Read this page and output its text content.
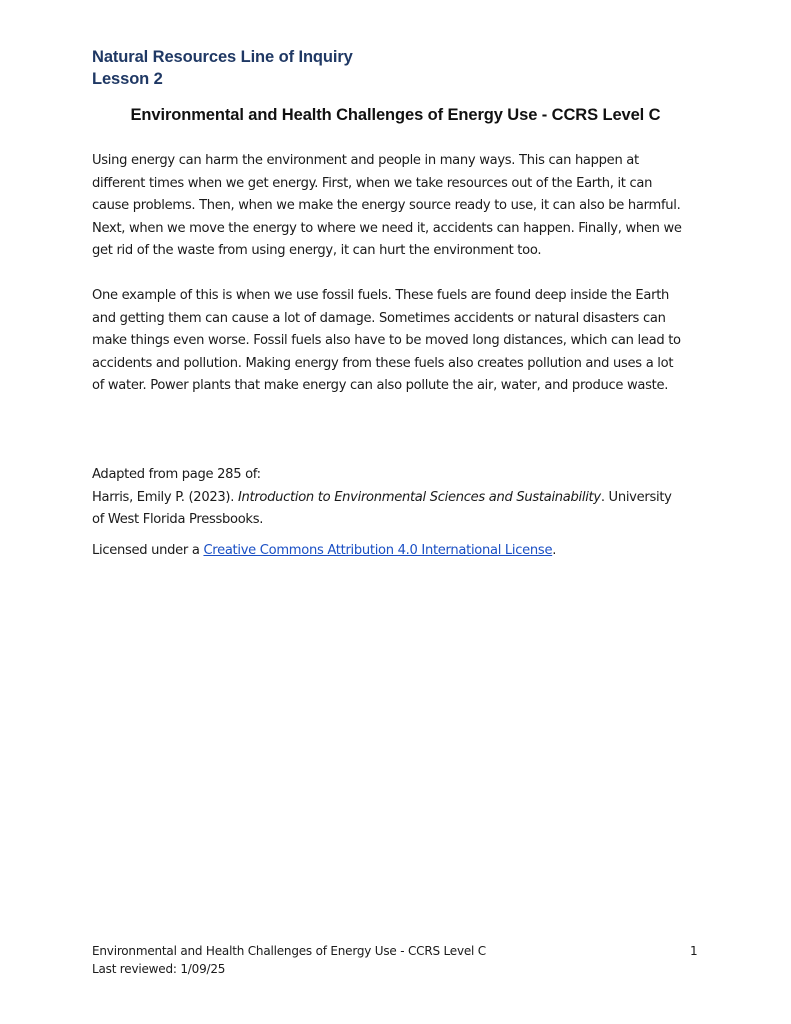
Natural Resources Line of Inquiry
Lesson 2
Environmental and Health Challenges of Energy Use - CCRS Level C

Using energy can harm the environment and people in many ways. This can happen at
different times when we get energy. First, when we take resources out of the Earth, it can
cause problems. Then, when we make the energy source ready to use, it can also be harmful.
Next, when we move the energy to where we need it, accidents can happen. Finally, when we
get rid of the waste from using energy, it can hurt the environment too.

One example of this is when we use fossil fuels. These fuels are found deep inside the Earth
and getting them can cause a lot of damage. Sometimes accidents or natural disasters can
make things even worse. Fossil fuels also have to be moved long distances, which can lead to
accidents and pollution. Making energy from these fuels also creates pollution and uses a lot
of water. Power plants that make energy can also pollute the air, water, and produce waste.

Adapted from page 285 of:
Harris, Emily P. (2023). Introduction to Environmental Sciences and Sustainability. University
of West Florida Pressbooks.

Licensed under a Creative Commons Attribution 4.0 International License.

Environmental and Health Challenges of Energy Use - CCRS Level C
Last reviewed: 1/09/25
1
